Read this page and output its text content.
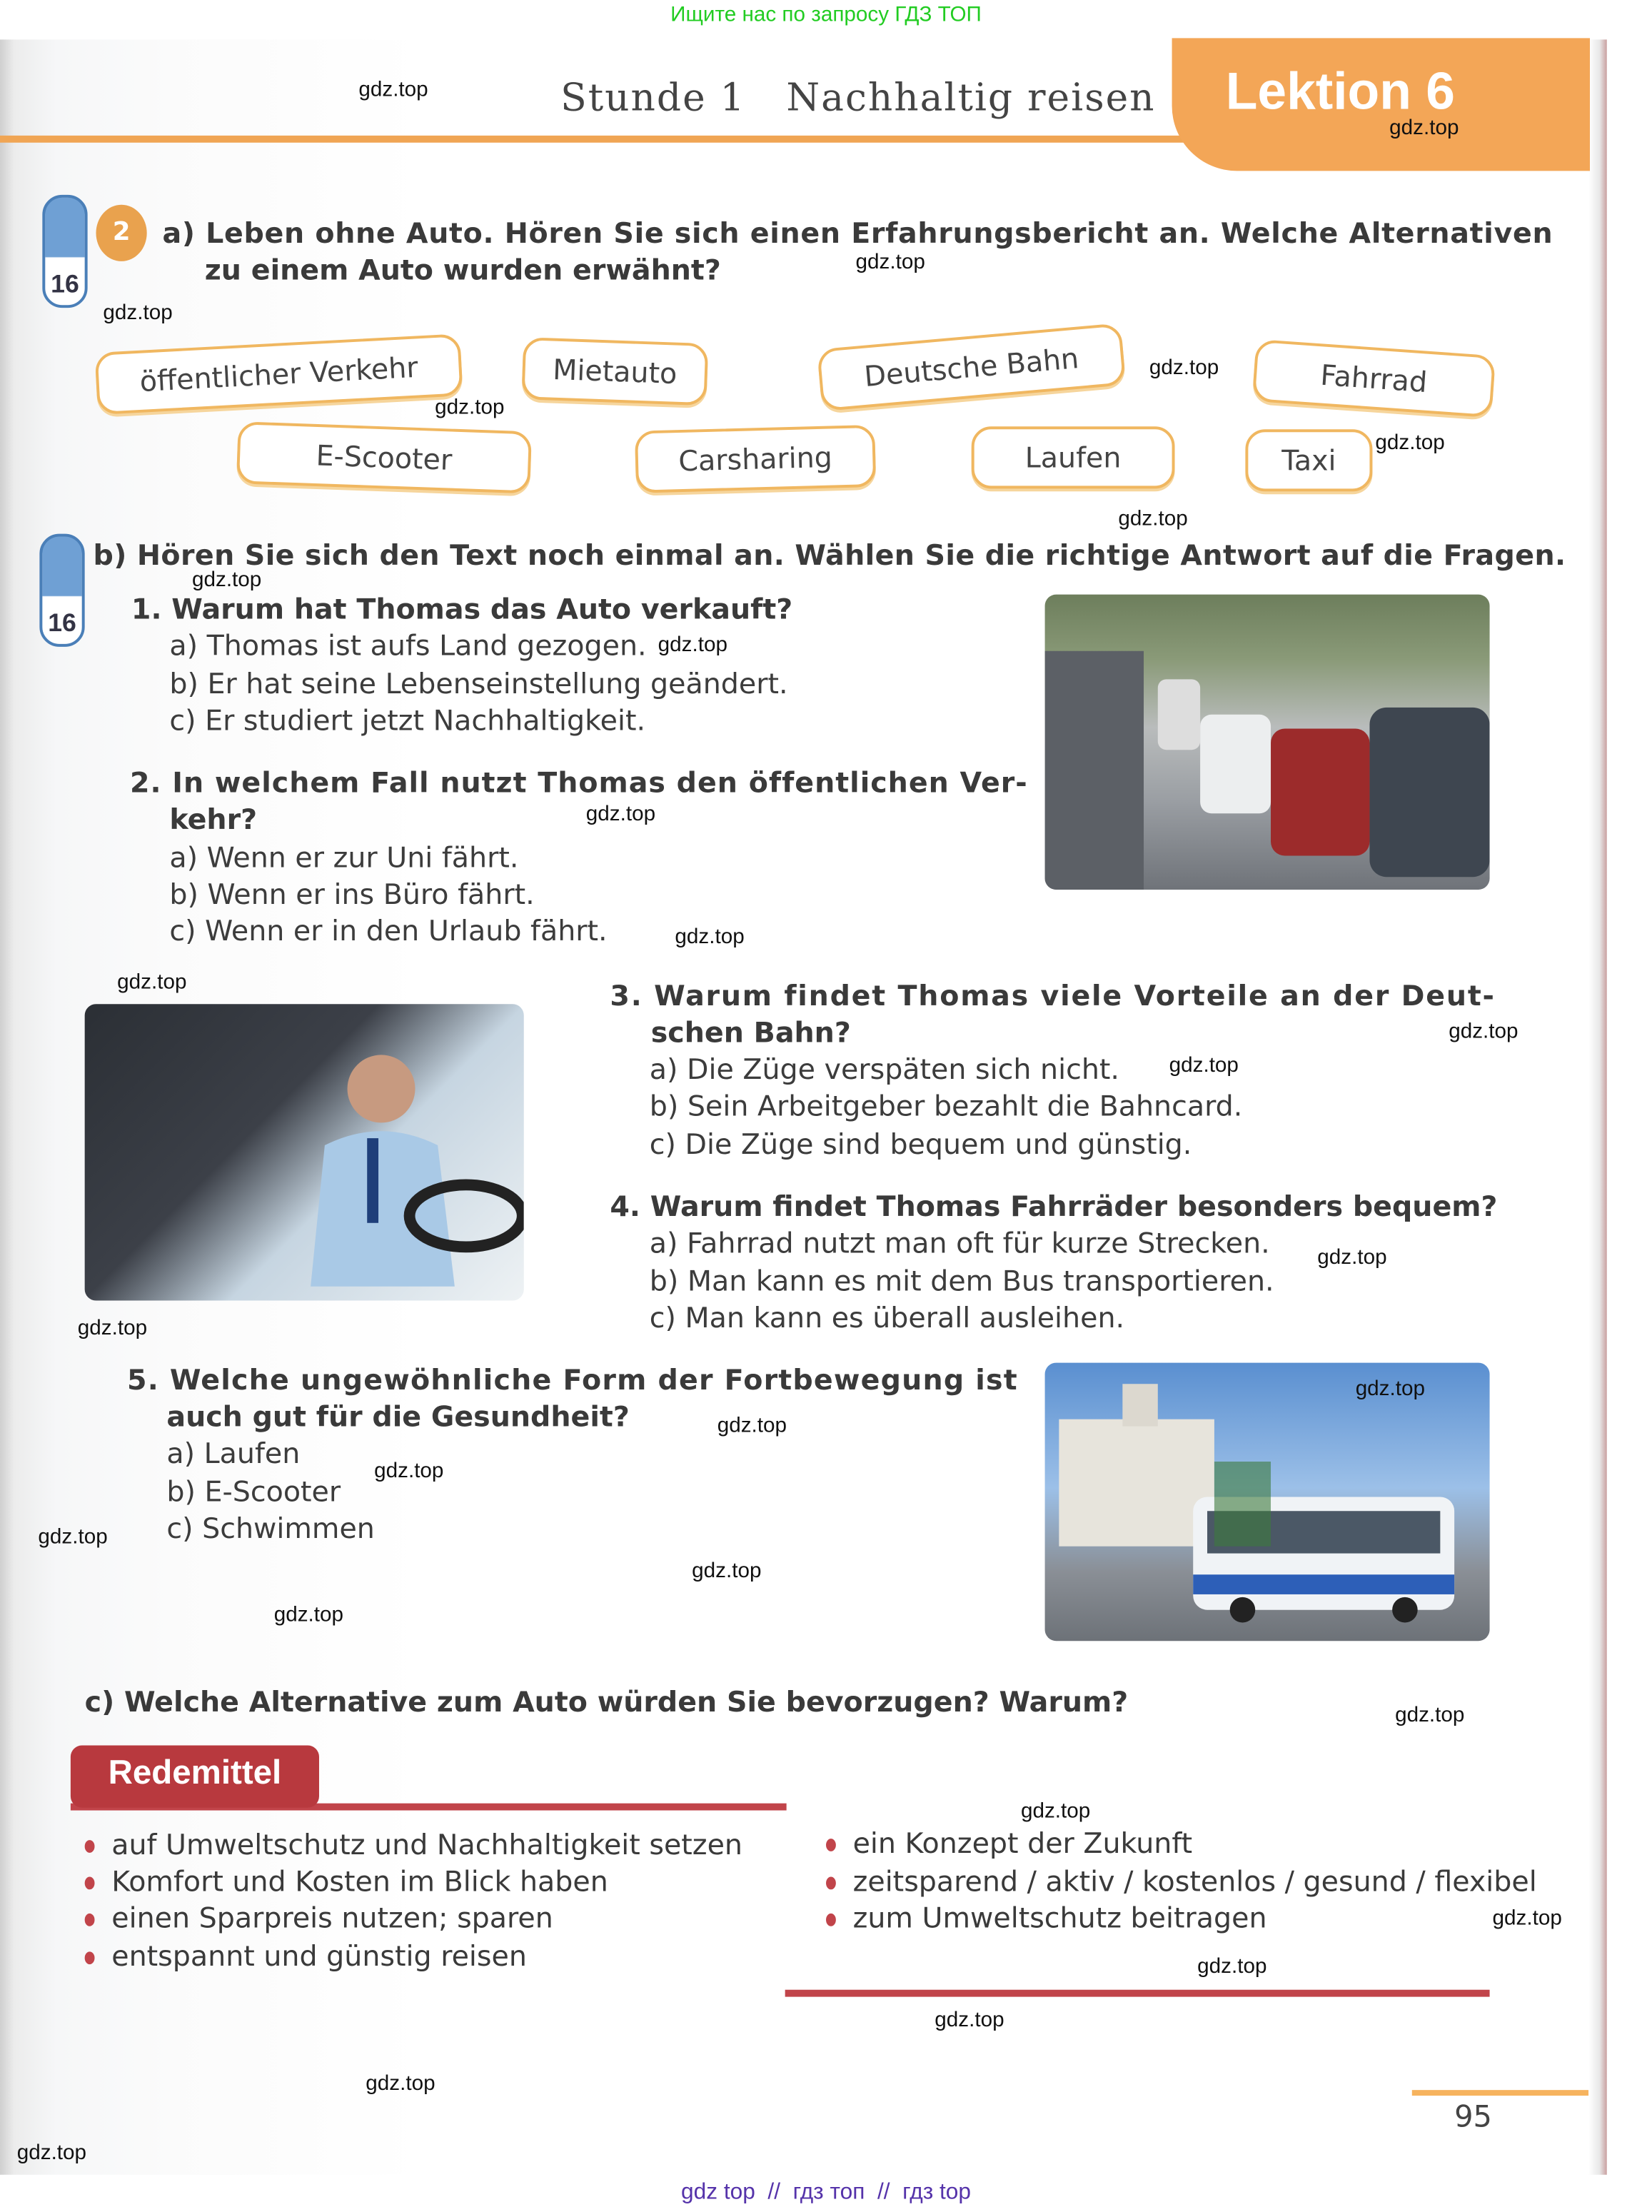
Ищите нас по запросу ГДЗ ТОП
Stunde 1   Nachhaltig reisen	Lektion 6
16
2	a) Leben ohne Auto. Hören Sie sich einen Erfahrungsbericht an. Welche Alternativen
zu einem Auto wurden erwähnt?
öffentlicher Verkehr	Mietauto	Deutsche Bahn	Fahrrad
E-Scooter	Carsharing	Laufen	Taxi
16
b) Hören Sie sich den Text noch einmal an. Wählen Sie die richtige Antwort auf die Fragen.
1. Warum hat Thomas das Auto verkauft?
a) Thomas ist aufs Land gezogen.
b) Er hat seine Lebenseinstellung geändert.
c) Er studiert jetzt Nachhaltigkeit.
2. In welchem Fall nutzt Thomas den öffentlichen Ver-
kehr?
a) Wenn er zur Uni fährt.
b) Wenn er ins Büro fährt.
c) Wenn er in den Urlaub fährt.
3. Warum findet Thomas viele Vorteile an der Deut-
schen Bahn?
a) Die Züge verspäten sich nicht.
b) Sein Arbeitgeber bezahlt die Bahncard.
c) Die Züge sind bequem und günstig.
4. Warum findet Thomas Fahrräder besonders bequem?
a) Fahrrad nutzt man oft für kurze Strecken.
b) Man kann es mit dem Bus transportieren.
c) Man kann es überall ausleihen.
5. Welche ungewöhnliche Form der Fortbewegung ist
auch gut für die Gesundheit?
a) Laufen
b) E-Scooter
c) Schwimmen
c) Welche Alternative zum Auto würden Sie bevorzugen? Warum?
Redemittel
auf Umweltschutz und Nachhaltigkeit setzen
Komfort und Kosten im Blick haben
einen Sparpreis nutzen; sparen
entspannt und günstig reisen
ein Konzept der Zukunft
zeitsparend / aktiv / kostenlos / gesund / flexibel
zum Umweltschutz beitragen
95
gdz.top
gdz.top
gdz.top
gdz.top
gdz.top
gdz.top
gdz.top
gdz.top
gdz.top
gdz.top
gdz.top
gdz.top
gdz.top
gdz.top
gdz.top
gdz.top
gdz.top
gdz.top
gdz.top
gdz.top
gdz.top
gdz.top
gdz.top
gdz.top
gdz.top
gdz.top
gdz.top
gdz.top
gdz.top
gdz.top
gdz top  //  гдз топ  //  гдз top
